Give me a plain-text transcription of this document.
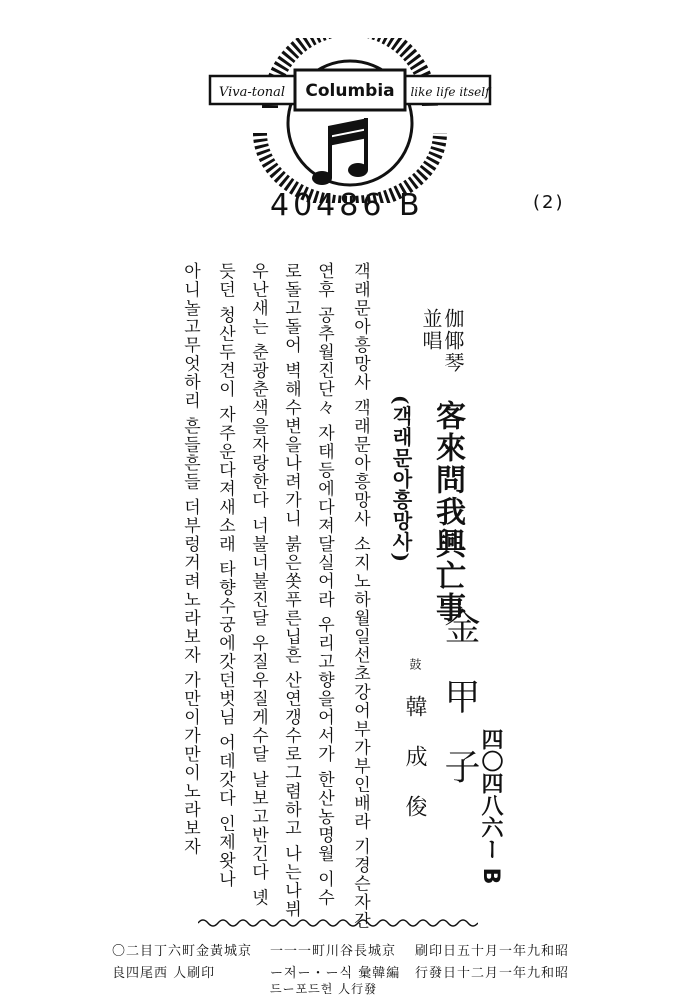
Viva-tonal Columbia like life itself
40486 B	(2)
並唱
伽倻琴
客來問我興亡事
(객래문아흥망사)
金甲子
鼓
韓成俊 四〇四八六ー B
객래문아흥망사 객래문아흥망사 소지노하월일선초강어부가부인배라 기경슨자간
연후 공추월진단々 자태등에다져달실어라 우리고향을어서가 한산농명월 이수
로돌고돌어 벽해수변을나려가니 붉은쏫푸른닙흔 산연갱수로그렴하고 나는나뷔
우난새는 춘광춘색을자랑한다 너불너불진달 우질우질게수달 날보고반긴다 녯
듯던 청산두견이 자주운다져새소래 타향수궁에갓던벗님 어데갓다 인제왓나
아니놀고무엇하리 흔들흔들 더부렁거려노라보자 가만이가만이노라보자
〇二目丁六町金黃城京
良四尾西 人刷印
一一一町川谷長城京
ー저ー・ー식 彙韓編
드ー포드헌 人行發
刷印日五十月一年九和昭
行發日十二月一年九和昭
